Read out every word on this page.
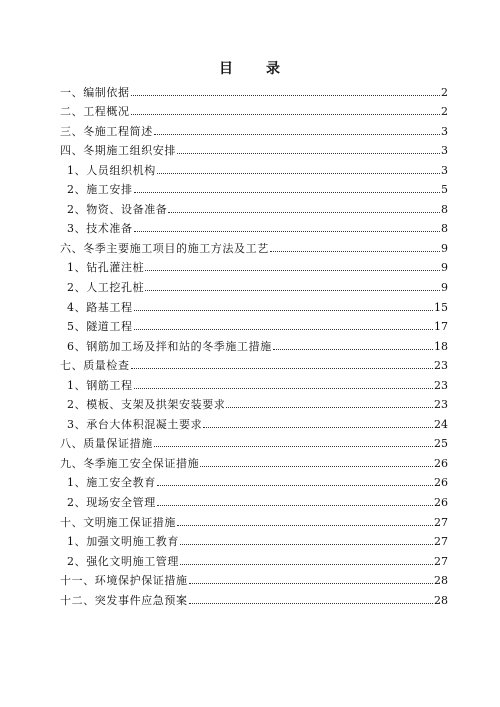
目 录
一、编制依据	2
二、工程概况	2
三、冬施工程简述	3
四、冬期施工组织安排	3
1、人员组织机构	3
2、施工安排	5
2、物资、设备准备	8
3、技术准备	8
六、冬季主要施工项目的施工方法及工艺	9
1、钻孔灌注桩	9
2、人工挖孔桩	9
4、路基工程	15
5、隧道工程	17
6、钢筋加工场及拌和站的冬季施工措施	18
七、质量检查	23
1、钢筋工程	23
2、模板、支架及拱架安装要求	23
3、承台大体积混凝土要求	24
八、质量保证措施	25
九、冬季施工安全保证措施	26
1、施工安全教育	26
2、现场安全管理	26
十、文明施工保证措施	27
1、加强文明施工教育	27
2、强化文明施工管理	27
十一、环境保护保证措施	28
十二、突发事件应急预案	28
